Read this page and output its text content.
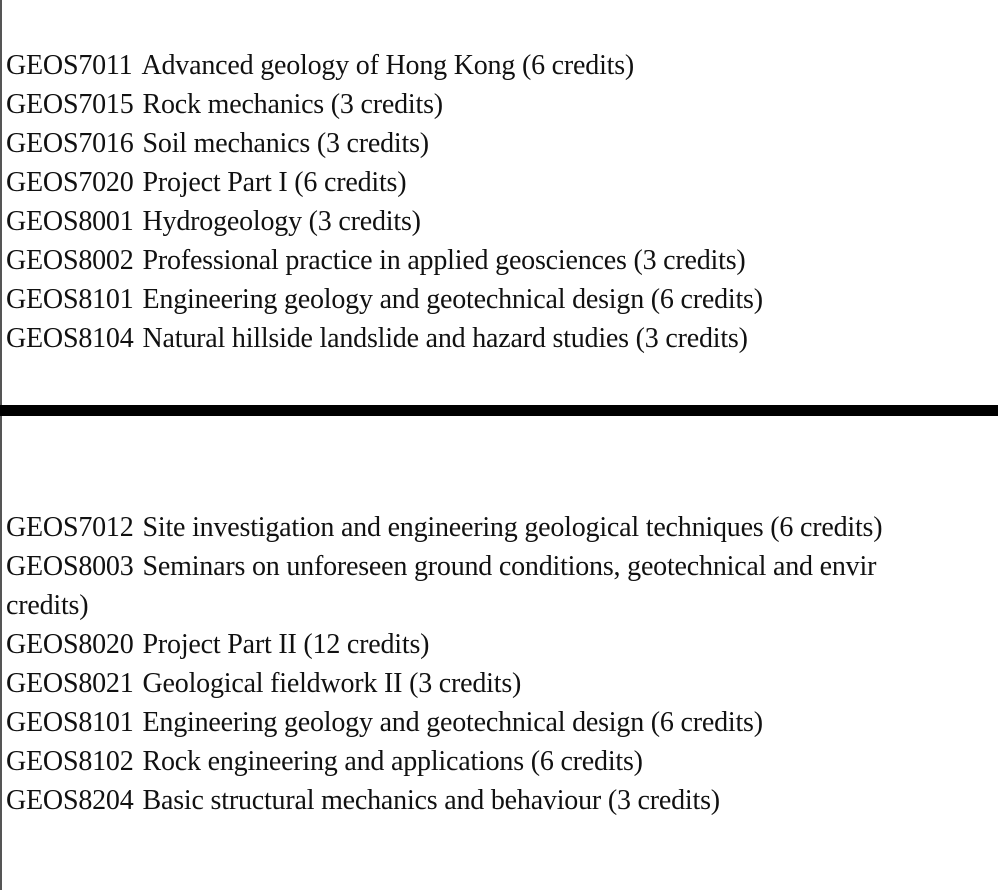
GEOS7011 Advanced geology of Hong Kong (6 credits)
GEOS7015 Rock mechanics (3 credits)
GEOS7016 Soil mechanics (3 credits)
GEOS7020 Project Part I (6 credits)
GEOS8001 Hydrogeology (3 credits)
GEOS8002 Professional practice in applied geosciences (3 credits)
GEOS8101 Engineering geology and geotechnical design (6 credits)
GEOS8104 Natural hillside landslide and hazard studies (3 credits)
GEOS7012 Site investigation and engineering geological techniques (6 credits)
GEOS8003 Seminars on unforeseen ground conditions, geotechnical and envir
credits)
GEOS8020 Project Part II (12 credits)
GEOS8021 Geological fieldwork II (3 credits)
GEOS8101 Engineering geology and geotechnical design (6 credits)
GEOS8102 Rock engineering and applications (6 credits)
GEOS8204 Basic structural mechanics and behaviour (3 credits)
